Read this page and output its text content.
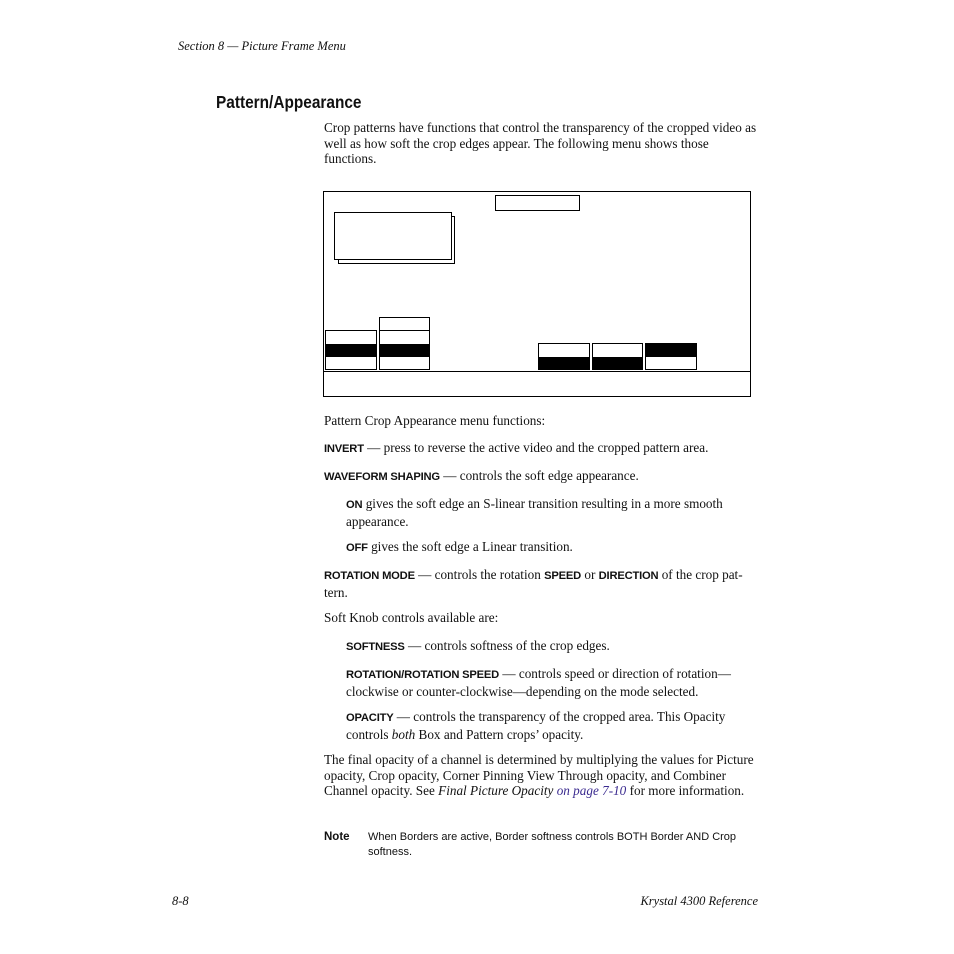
Section 8 — Picture Frame Menu
Pattern/Appearance
Crop patterns have functions that control the transparency of the cropped video as well as how soft the crop edges appear. The following menu shows those functions.
Pattern Crop Appearance menu functions:
INVERT — press to reverse the active video and the cropped pattern area.
WAVEFORM SHAPING — controls the soft edge appearance.
ON gives the soft edge an S-linear transition resulting in a more smooth appearance.
OFF gives the soft edge a Linear transition.
ROTATION MODE — controls the rotation SPEED or DIRECTION of the crop pat- tern.
Soft Knob controls available are:
SOFTNESS — controls softness of the crop edges.
ROTATION/ROTATION SPEED — controls speed or direction of rotation— clockwise or counter-clockwise—depending on the mode selected.
OPACITY — controls the transparency of the cropped area. This Opacity controls both Box and Pattern crops’ opacity.
The final opacity of a channel is determined by multiplying the values for Picture opacity, Crop opacity, Corner Pinning View Through opacity, and Combiner Channel opacity. See Final Picture Opacity on page 7-10 for more information.
Note When Borders are active, Border softness controls BOTH Border AND Crop softness.
8-8	Krystal 4300 Reference
